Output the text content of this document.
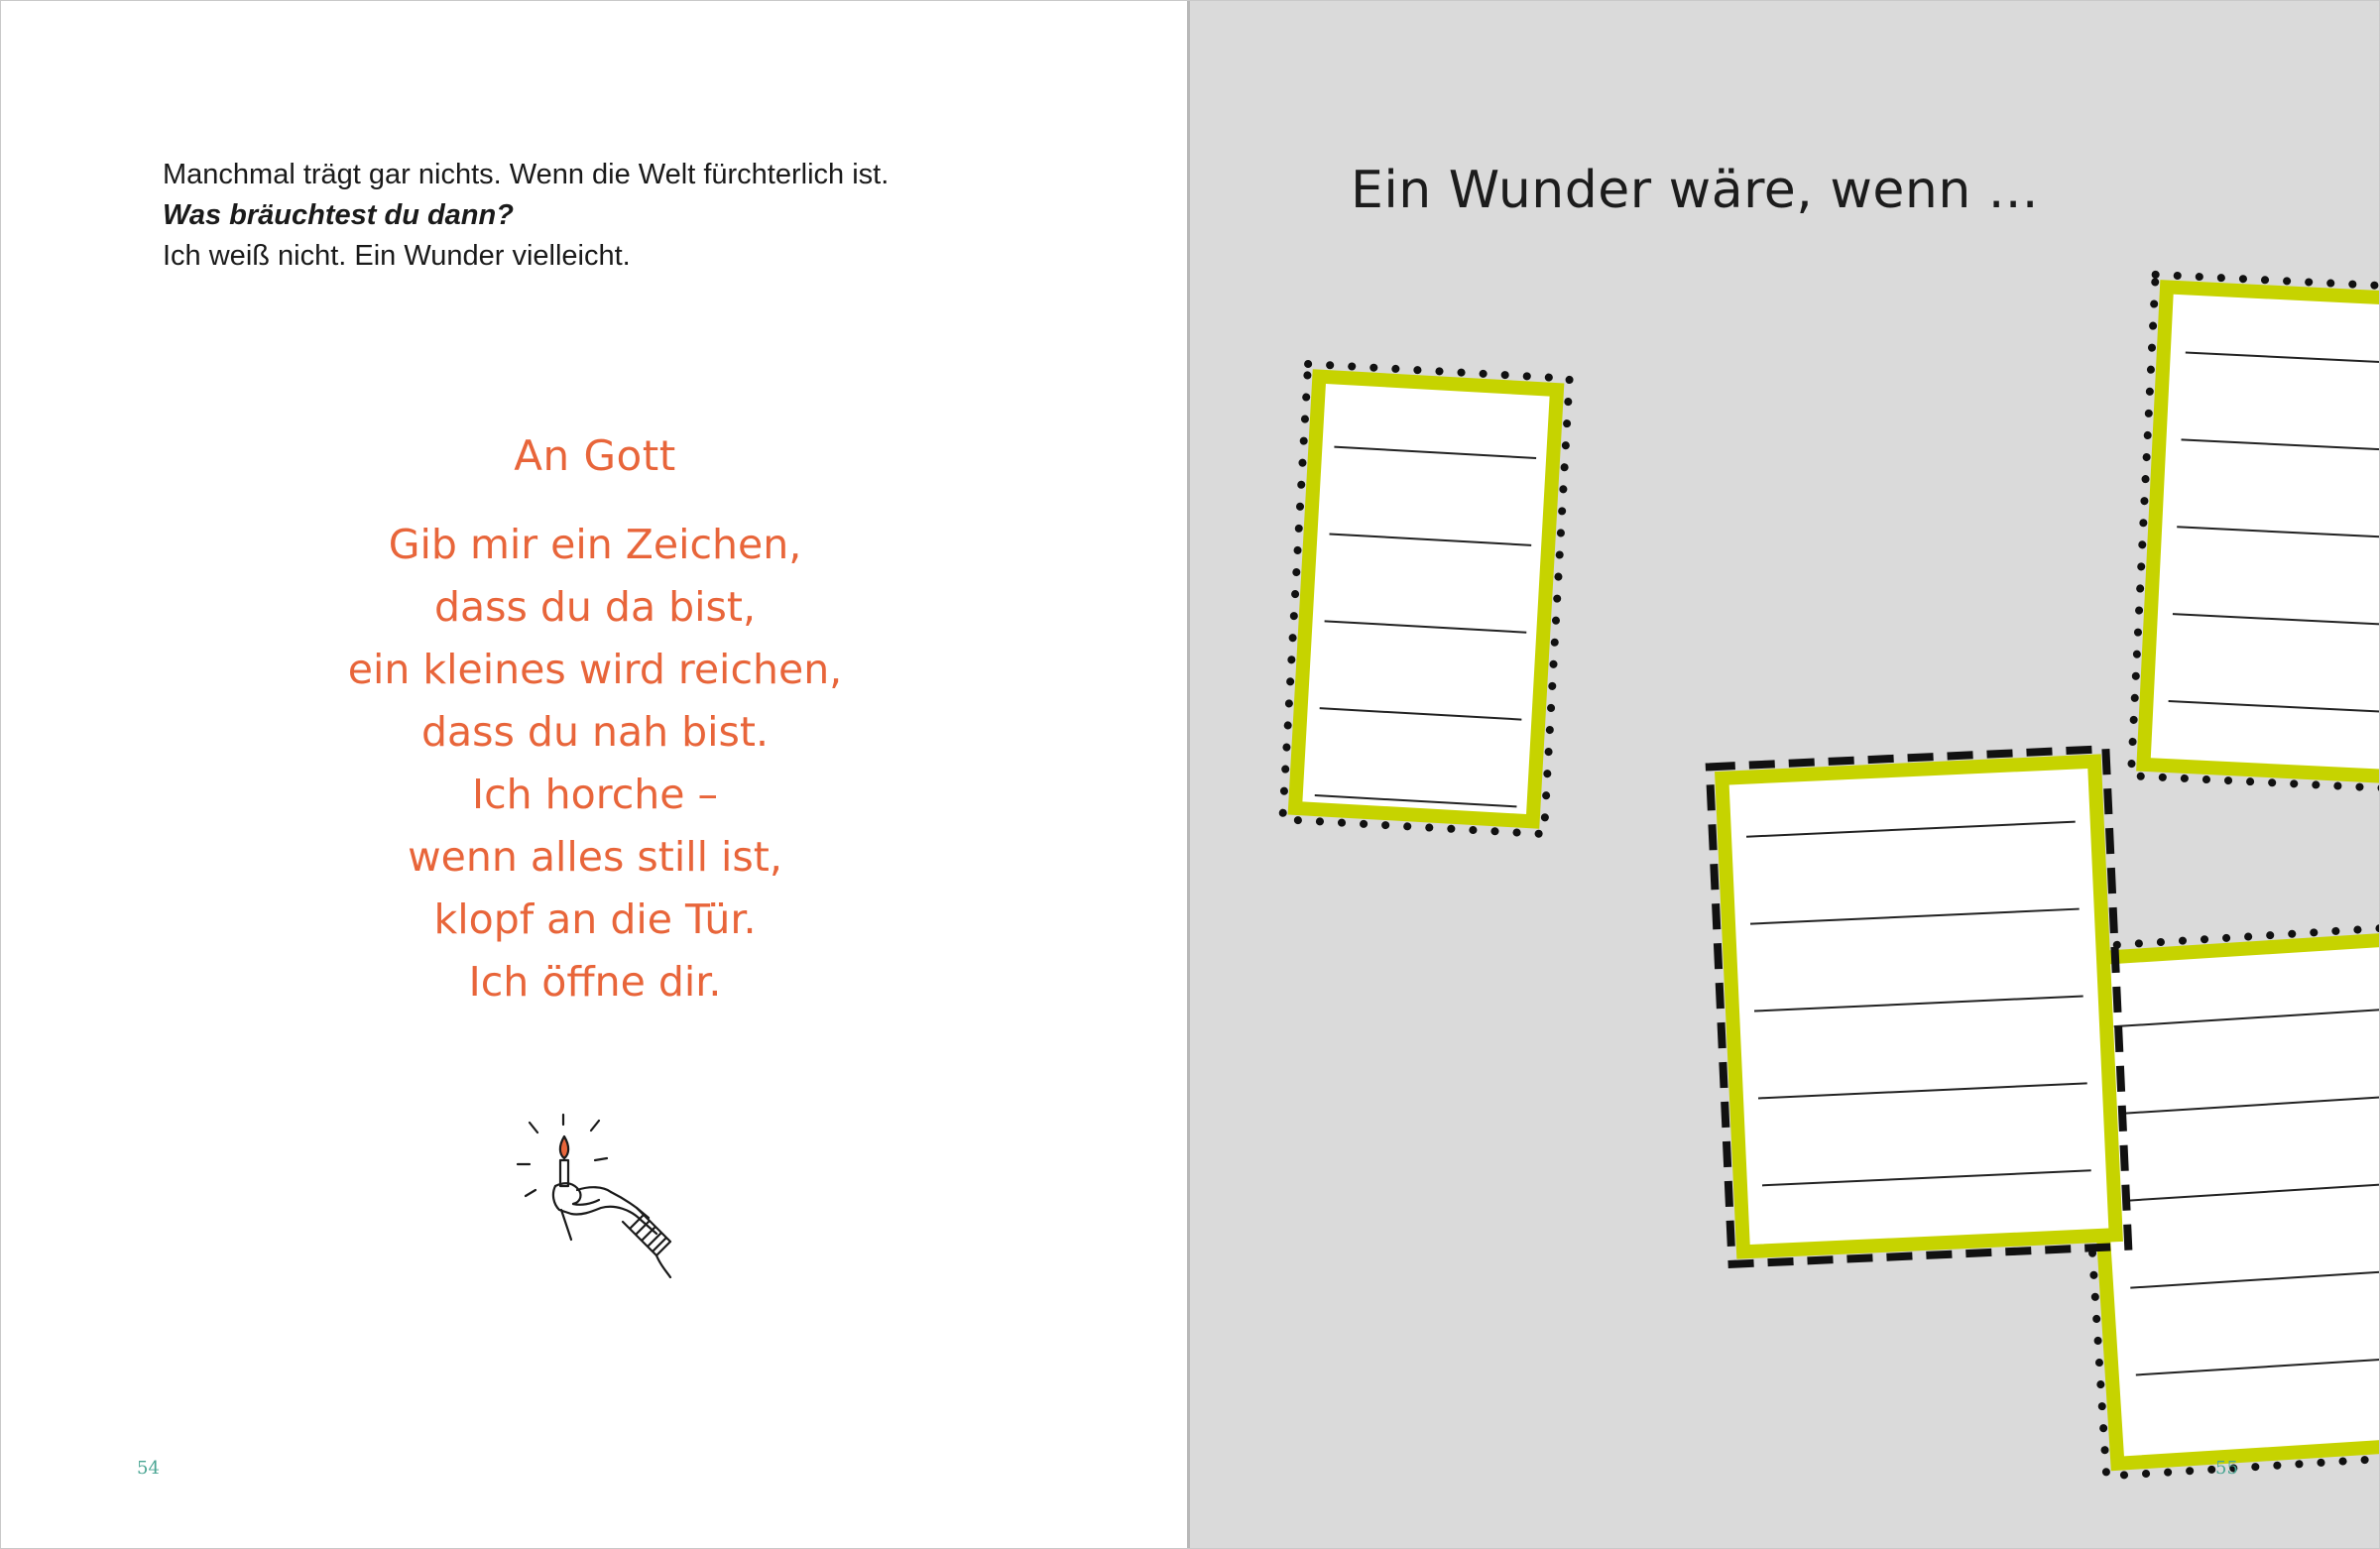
Manchmal trägt gar nichts. Wenn die Welt fürchterlich ist.
Was bräuchtest du dann?
Ich weiß nicht. Ein Wunder vielleicht.
An Gott
Gib mir ein Zeichen,
dass du da bist,
ein kleines wird reichen,
dass du nah bist.
Ich horche –
wenn alles still ist,
klopf an die Tür.
Ich öffne dir.
54
Ein Wunder wäre, wenn ...
55
